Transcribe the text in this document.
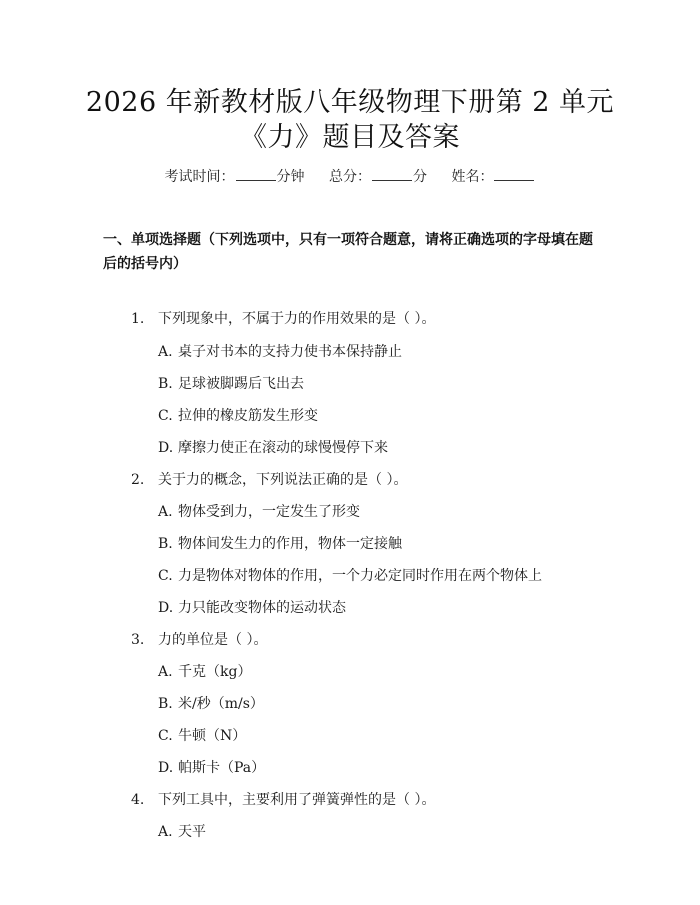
2026 年新教材版八年级物理下册第 2 单元
《力》题目及答案
考试时间：	分钟 总分：	分 姓名：
一、单项选择题（下列选项中，只有一项符合题意，请将正确选项的字母填在题后的括号内）
1. 下列现象中，不属于力的作用效果的是（ ）。
A. 桌子对书本的支持力使书本保持静止
B. 足球被脚踢后飞出去
C. 拉伸的橡皮筋发生形变
D. 摩擦力使正在滚动的球慢慢停下来
2. 关于力的概念，下列说法正确的是（ ）。
A. 物体受到力，一定发生了形变
B. 物体间发生力的作用，物体一定接触
C. 力是物体对物体的作用，一个力必定同时作用在两个物体上
D. 力只能改变物体的运动状态
3. 力的单位是（ ）。
A. 千克（kg）
B. 米/秒（m/s）
C. 牛顿（N）
D. 帕斯卡（Pa）
4. 下列工具中，主要利用了弹簧弹性的是（ ）。
A. 天平
